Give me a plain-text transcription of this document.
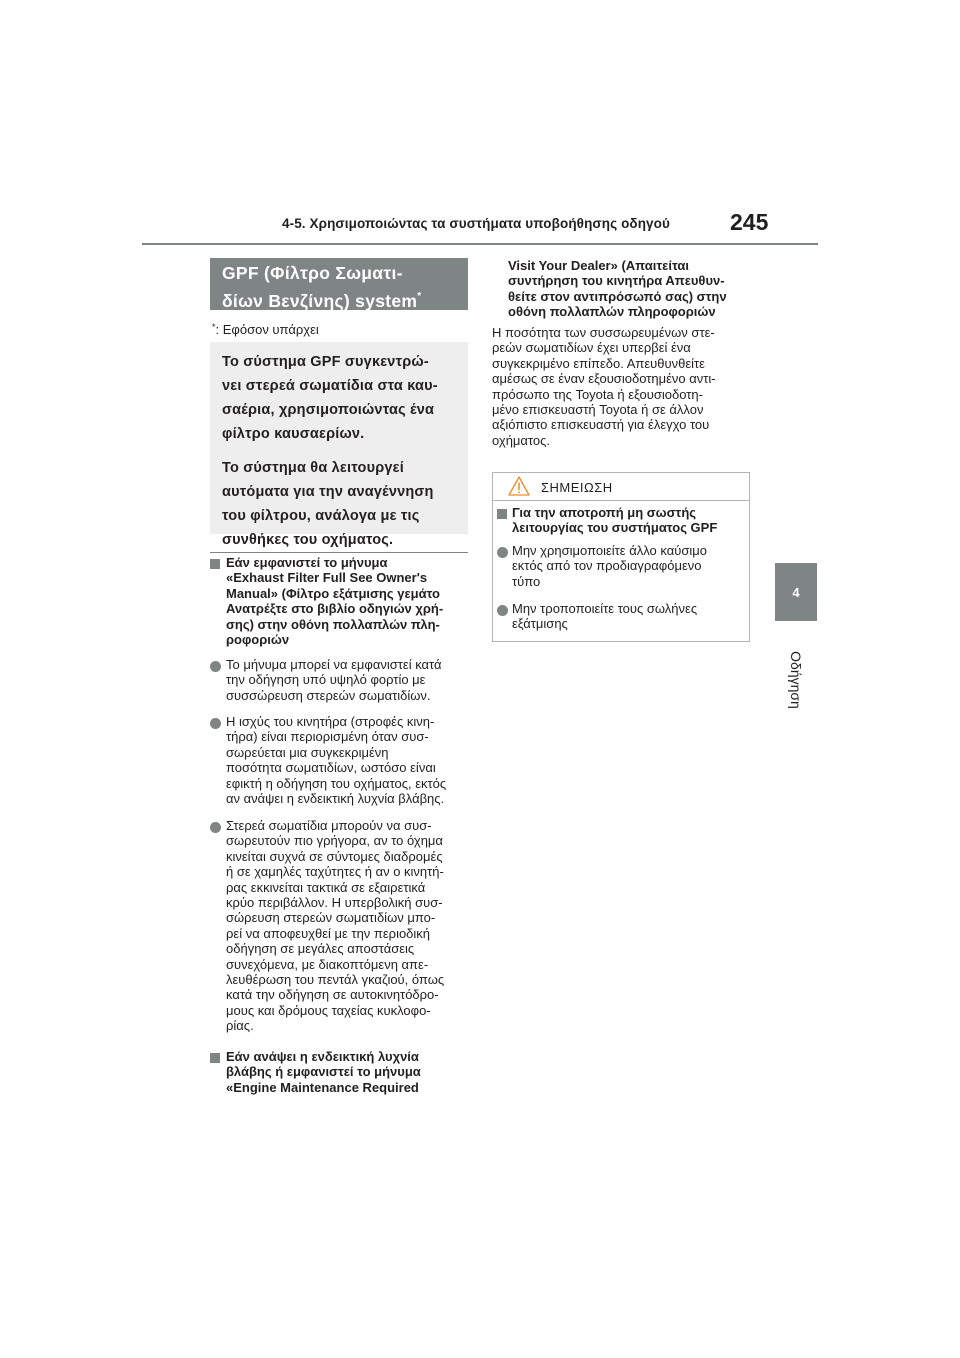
4-5. Χρησιμοποιώντας τα συστήματα υποβοήθησης οδηγού	245
4
Οδήγηση
GPF (Φίλτρο Σωματι-
δίων Βενζίνης) system*
*: Εφόσον υπάρχει

Το σύστημα GPF συγκεντρώ-
νει στερεά σωματίδια στα καυ-
σαέρια, χρησιμοποιώντας ένα
φίλτρο καυσαερίων.

Το σύστημα θα λειτουργεί
αυτόματα για την αναγέννηση
του φίλτρου, ανάλογα με τις
συνθήκες του οχήματος.

Εάν εμφανιστεί το μήνυμα
«Exhaust Filter Full See Owner's
Manual» (Φίλτρο εξάτμισης γεμάτο
Ανατρέξτε στο βιβλίο οδηγιών χρή-
σης) στην οθόνη πολλαπλών πλη-
ροφοριών
Το μήνυμα μπορεί να εμφανιστεί κατά
την οδήγηση υπό υψηλό φορτίο με
συσσώρευση στερεών σωματιδίων.
Η ισχύς του κινητήρα (στροφές κινη-
τήρα) είναι περιορισμένη όταν συσ-
σωρεύεται μια συγκεκριμένη
ποσότητα σωματιδίων, ωστόσο είναι
εφικτή η οδήγηση του οχήματος, εκτός
αν ανάψει η ενδεικτική λυχνία βλάβης.
Στερεά σωματίδια μπορούν να συσ-
σωρευτούν πιο γρήγορα, αν το όχημα
κινείται συχνά σε σύντομες διαδρομές
ή σε χαμηλές ταχύτητες ή αν ο κινητή-
ρας εκκινείται τακτικά σε εξαιρετικά
κρύο περιβάλλον. Η υπερβολική συσ-
σώρευση στερεών σωματιδίων μπο-
ρεί να αποφευχθεί με την περιοδική
οδήγηση σε μεγάλες αποστάσεις
συνεχόμενα, με διακοπτόμενη απε-
λευθέρωση του πεντάλ γκαζιού, όπως
κατά την οδήγηση σε αυτοκινητόδρο-
μους και δρόμους ταχείας κυκλοφο-
ρίας.
Εάν ανάψει η ενδεικτική λυχνία
βλάβης ή εμφανιστεί το μήνυμα
«Engine Maintenance Required
Visit Your Dealer» (Απαιτείται
συντήρηση του κινητήρα Απευθυν-
θείτε στον αντιπρόσωπό σας) στην
οθόνη πολλαπλών πληροφοριών
Η ποσότητα των συσσωρευμένων στε-
ρεών σωματιδίων έχει υπερβεί ένα
συγκεκριμένο επίπεδο. Απευθυνθείτε
αμέσως σε έναν εξουσιοδοτημένο αντι-
πρόσωπο της Toyota ή εξουσιοδοτη-
μένο επισκευαστή Toyota ή σε άλλον
αξιόπιστο επισκευαστή για έλεγχο του
οχήματος.
ΣΗΜΕΙΩΣΗ
Για την αποτροπή μη σωστής
λειτουργίας του συστήματος GPF
Μην χρησιμοποιείτε άλλο καύσιμο
εκτός από τον προδιαγραφόμενο
τύπο
Μην τροποποιείτε τους σωλήνες
εξάτμισης
